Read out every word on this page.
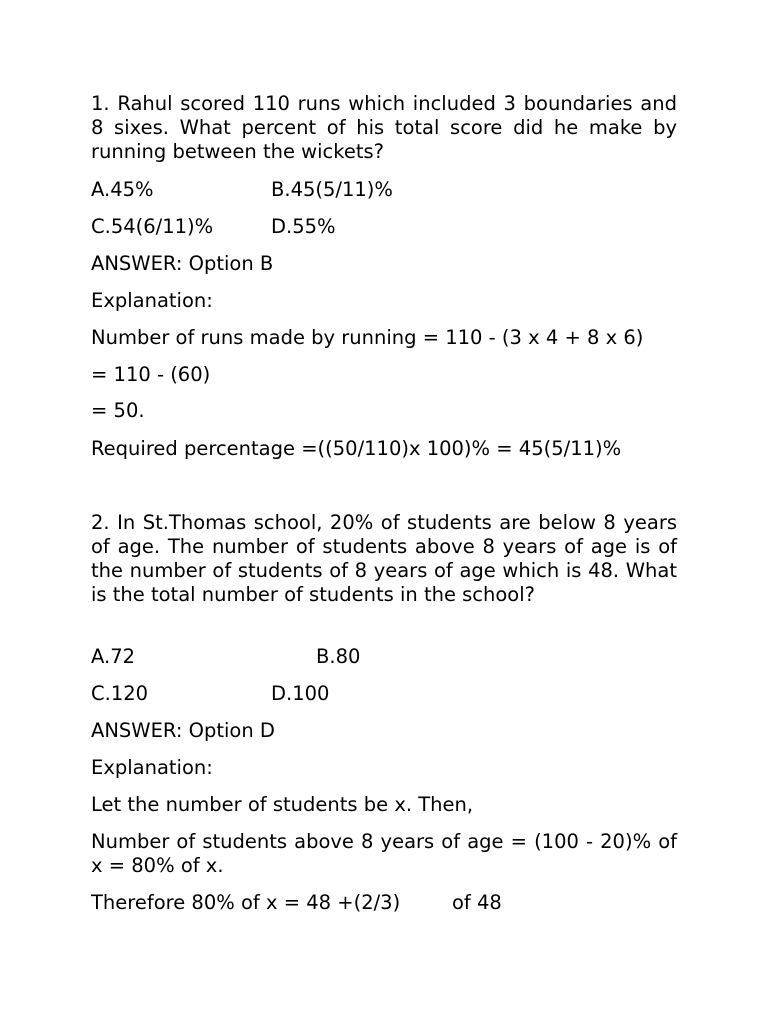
1. Rahul scored 110 runs which included 3 boundaries and 8 sixes. What percent of his total score did he make by running between the wickets?
A.45%	B.45(5/11)%
C.54(6/11)%	D.55%
ANSWER: Option B
Explanation:
Number of runs made by running = 110 - (3 x 4 + 8 x 6)
= 110 - (60)
= 50.
Required percentage =((50/110)x 100)% = 45(5/11)%
2. In St.Thomas school, 20% of students are below 8 years of age. The number of students above 8 years of age is of the number of students of 8 years of age which is 48. What is the total number of students in the school?
A.72	B.80
C.120	D.100
ANSWER: Option D
Explanation:
Let the number of students be x. Then,
Number of students above 8 years of age = (100 - 20)% of x = 80% of x.
Therefore 80% of x = 48 +(2/3)	of 48
